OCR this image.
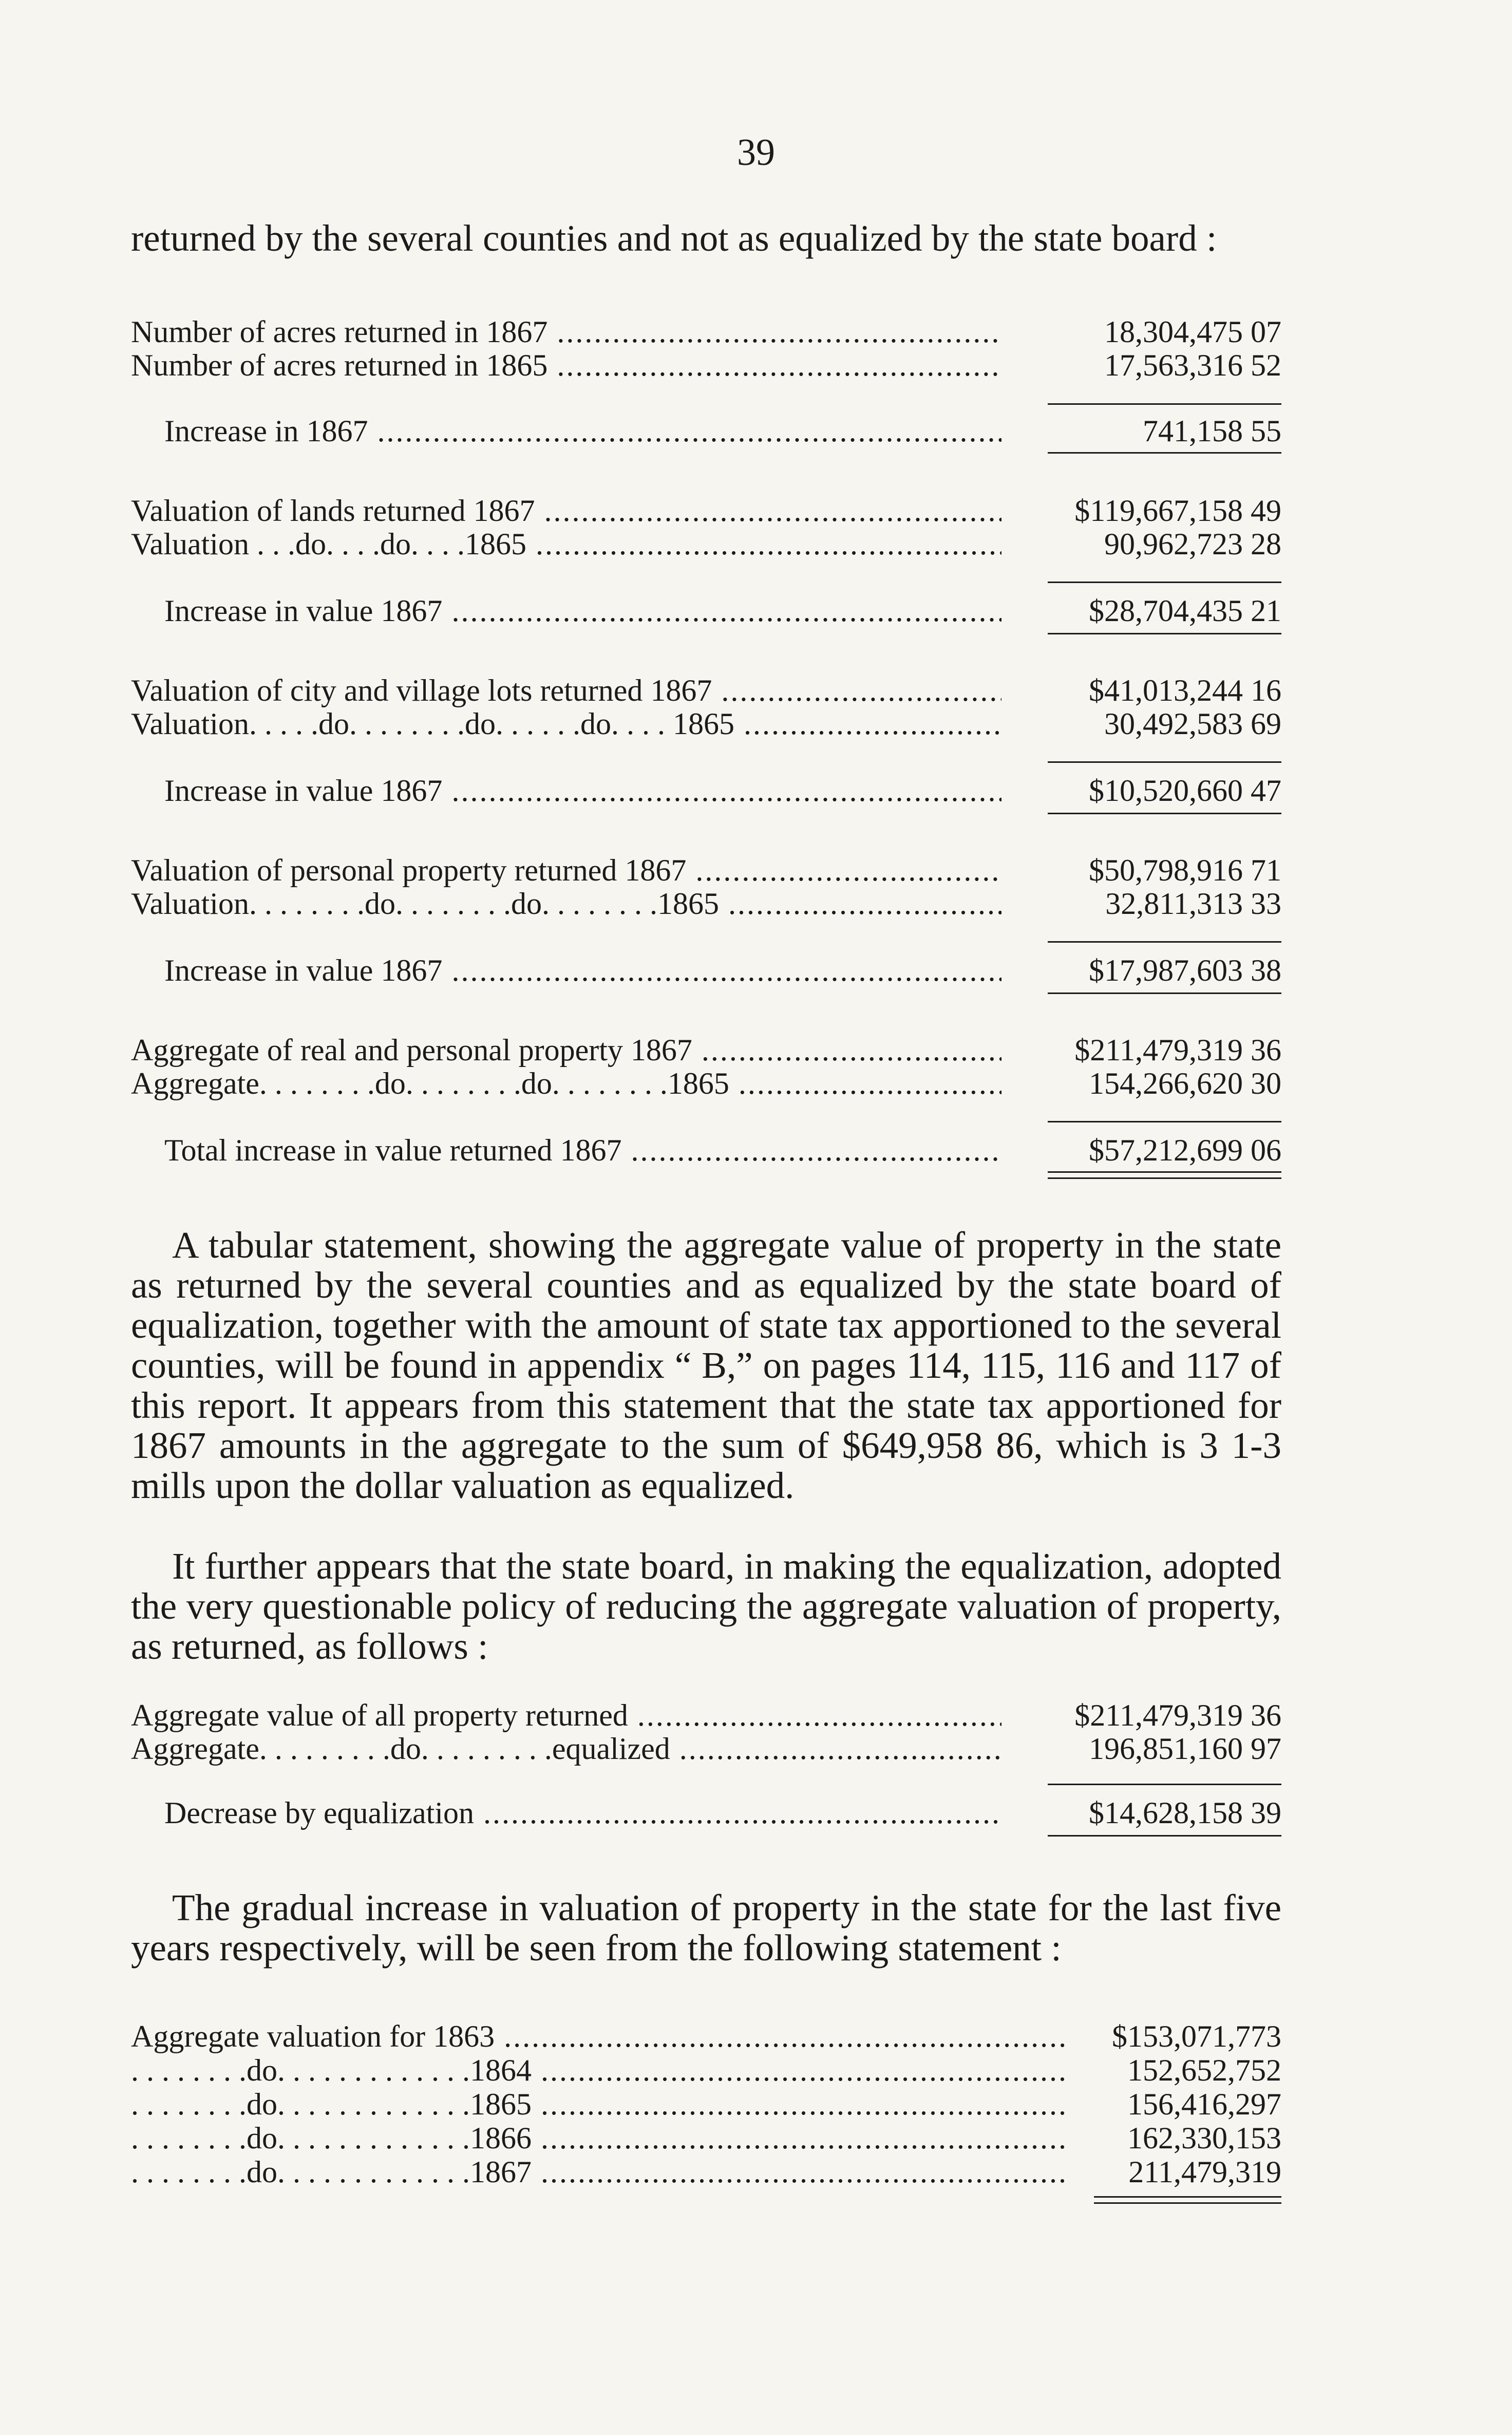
39
returned by the several counties and not as equalized by the state board :
Number of acres returned in 1867 .....	18,304,475 07
Number of acres returned in 1865 .....	17,563,316 52
Increase in 1867 .....	741,158 55
Valuation of lands returned 1867 .....	$119,667,158 49
Valuation . . .do. . . .do. . . .1865 .....	90,962,723 28
Increase in value 1867 .....	$28,704,435 21
Valuation of city and village lots returned 1867 .....	$41,013,244 16
Valuation. . . . .do. . . . . . . .do. . . . . .do. . . . 1865 .....	30,492,583 69
Increase in value 1867 .....	$10,520,660 47
Valuation of personal property returned 1867 .....	$50,798,916 71
Valuation. . . . . . . .do. . . . . . . .do. . . . . . . .1865 .....	32,811,313 33
Increase in value 1867 .....	$17,987,603 38
Aggregate of real and personal property 1867 .....	$211,479,319 36
Aggregate. . . . . . . .do. . . . . . . .do. . . . . . . .1865 .....	154,266,620 30
Total increase in value returned 1867 .....	$57,212,699 06
A tabular statement, showing the aggregate value of property in the state as returned by the several counties and as equalized by the state board of equalization, together with the amount of state tax apportioned to the several counties, will be found in appendix “ B,” on pages 114, 115, 116 and 117 of this report. It appears from this statement that the state tax apportioned for 1867 amounts in the aggregate to the sum of $649,958 86, which is 3 1-3 mills upon the dollar valuation as equalized.
It further appears that the state board, in making the equalization, adopted the very questionable policy of reducing the aggregate valuation of property, as returned, as follows :
Aggregate value of all property returned .....	$211,479,319 36
Aggregate. . . . . . . . .do. . . . . . . . .equalized .....	196,851,160 97
Decrease by equalization .....	$14,628,158 39
The gradual increase in valuation of property in the state for the last five years respectively, will be seen from the following statement :
Aggregate valuation for 1863 .....	$153,071,773
. . . . . . . .do. . . . . . . . . . . . .1864 .....	152,652,752
. . . . . . . .do. . . . . . . . . . . . .1865 .....	156,416,297
. . . . . . . .do. . . . . . . . . . . . .1866 .....	162,330,153
. . . . . . . .do. . . . . . . . . . . . .1867 .....	211,479,319
